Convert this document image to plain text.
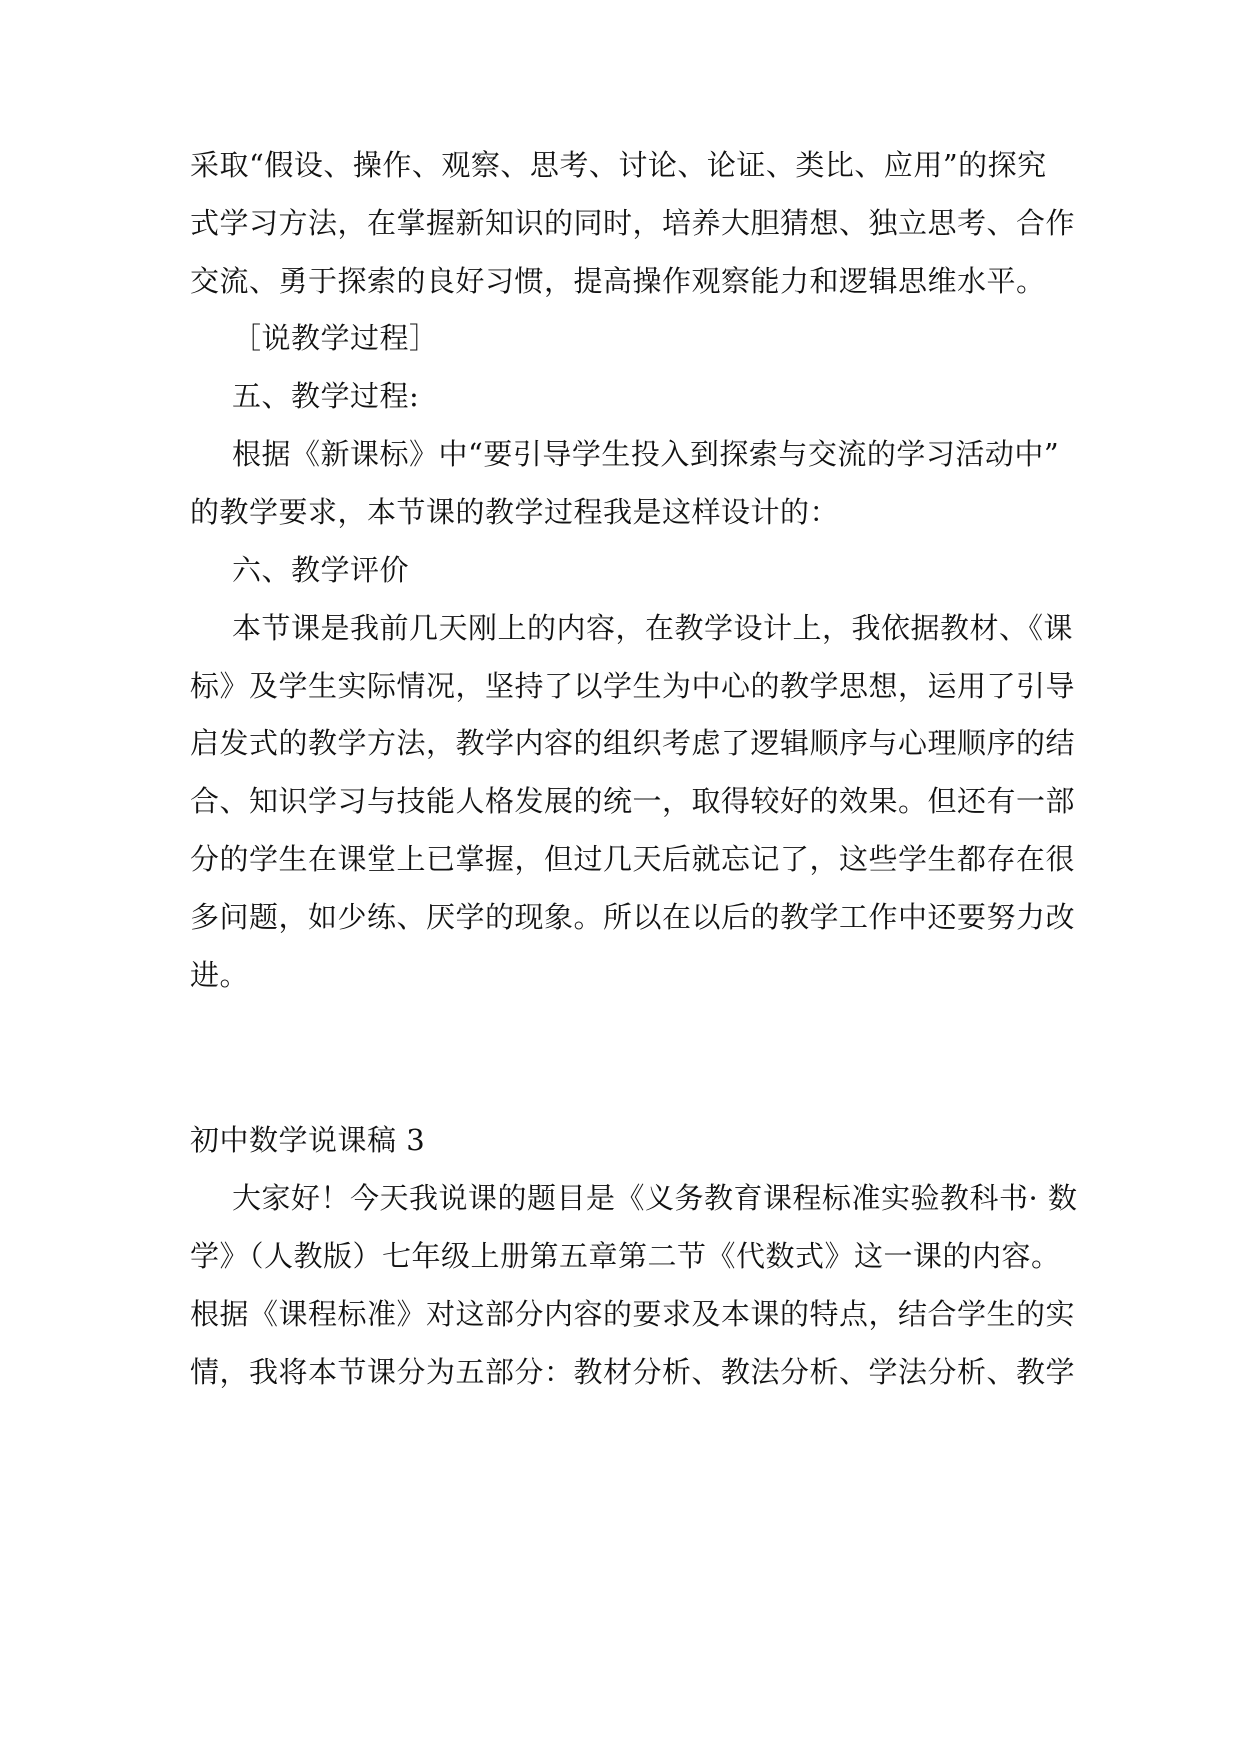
采取“假设、操作、观察、思考、讨论、论证、类比、应用”的探究
式学习方法，在掌握新知识的同时，培养大胆猜想、独立思考、合作
交流、勇于探索的良好习惯，提高操作观察能力和逻辑思维水平。
［说教学过程］
五、教学过程:
根据《新课标》中“要引导学生投入到探索与交流的学习活动中”
的教学要求，本节课的教学过程我是这样设计的：
六、教学评价
本节课是我前几天刚上的内容，在教学设计上，我依据教材、《课
标》及学生实际情况，坚持了以学生为中心的教学思想，运用了引导
启发式的教学方法，教学内容的组织考虑了逻辑顺序与心理顺序的结
合、知识学习与技能人格发展的统一，取得较好的效果。但还有一部
分的学生在课堂上已掌握，但过几天后就忘记了，这些学生都存在很
多问题，如少练、厌学的现象。所以在以后的教学工作中还要努力改
进。
初中数学说课稿 3
大家好！今天我说课的题目是《义务教育课程标准实验教科书· 数
学》（人教版）七年级上册第五章第二节《代数式》这一课的内容。
根据《课程标准》对这部分内容的要求及本课的特点，结合学生的实
情，我将本节课分为五部分：教材分析、教法分析、学法分析、教学
